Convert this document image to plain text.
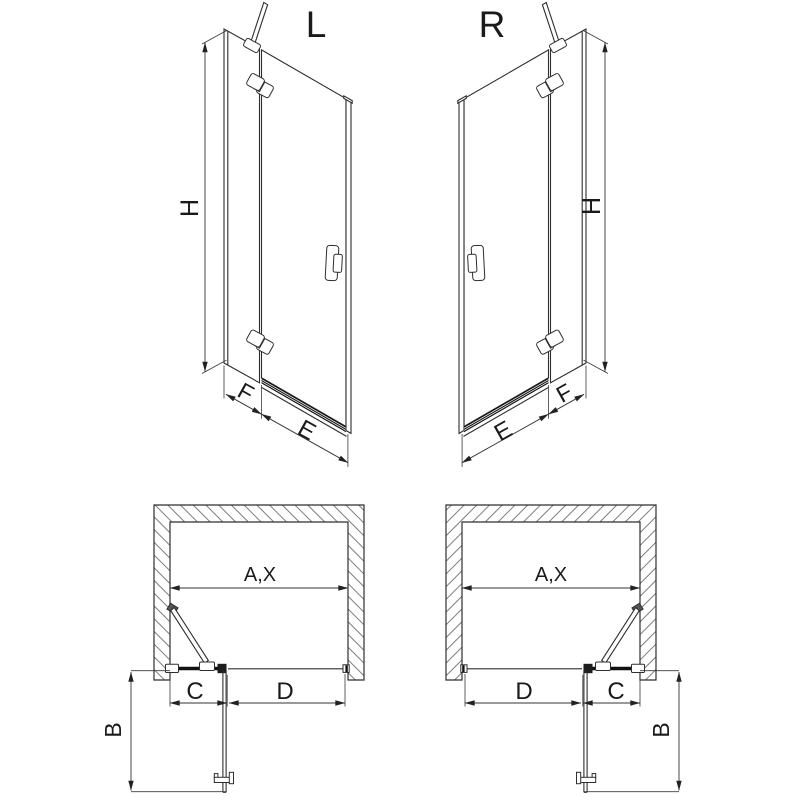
L
H
F
E
R
H
F
E
A,X
C	D
B
A,X
D	C
B
